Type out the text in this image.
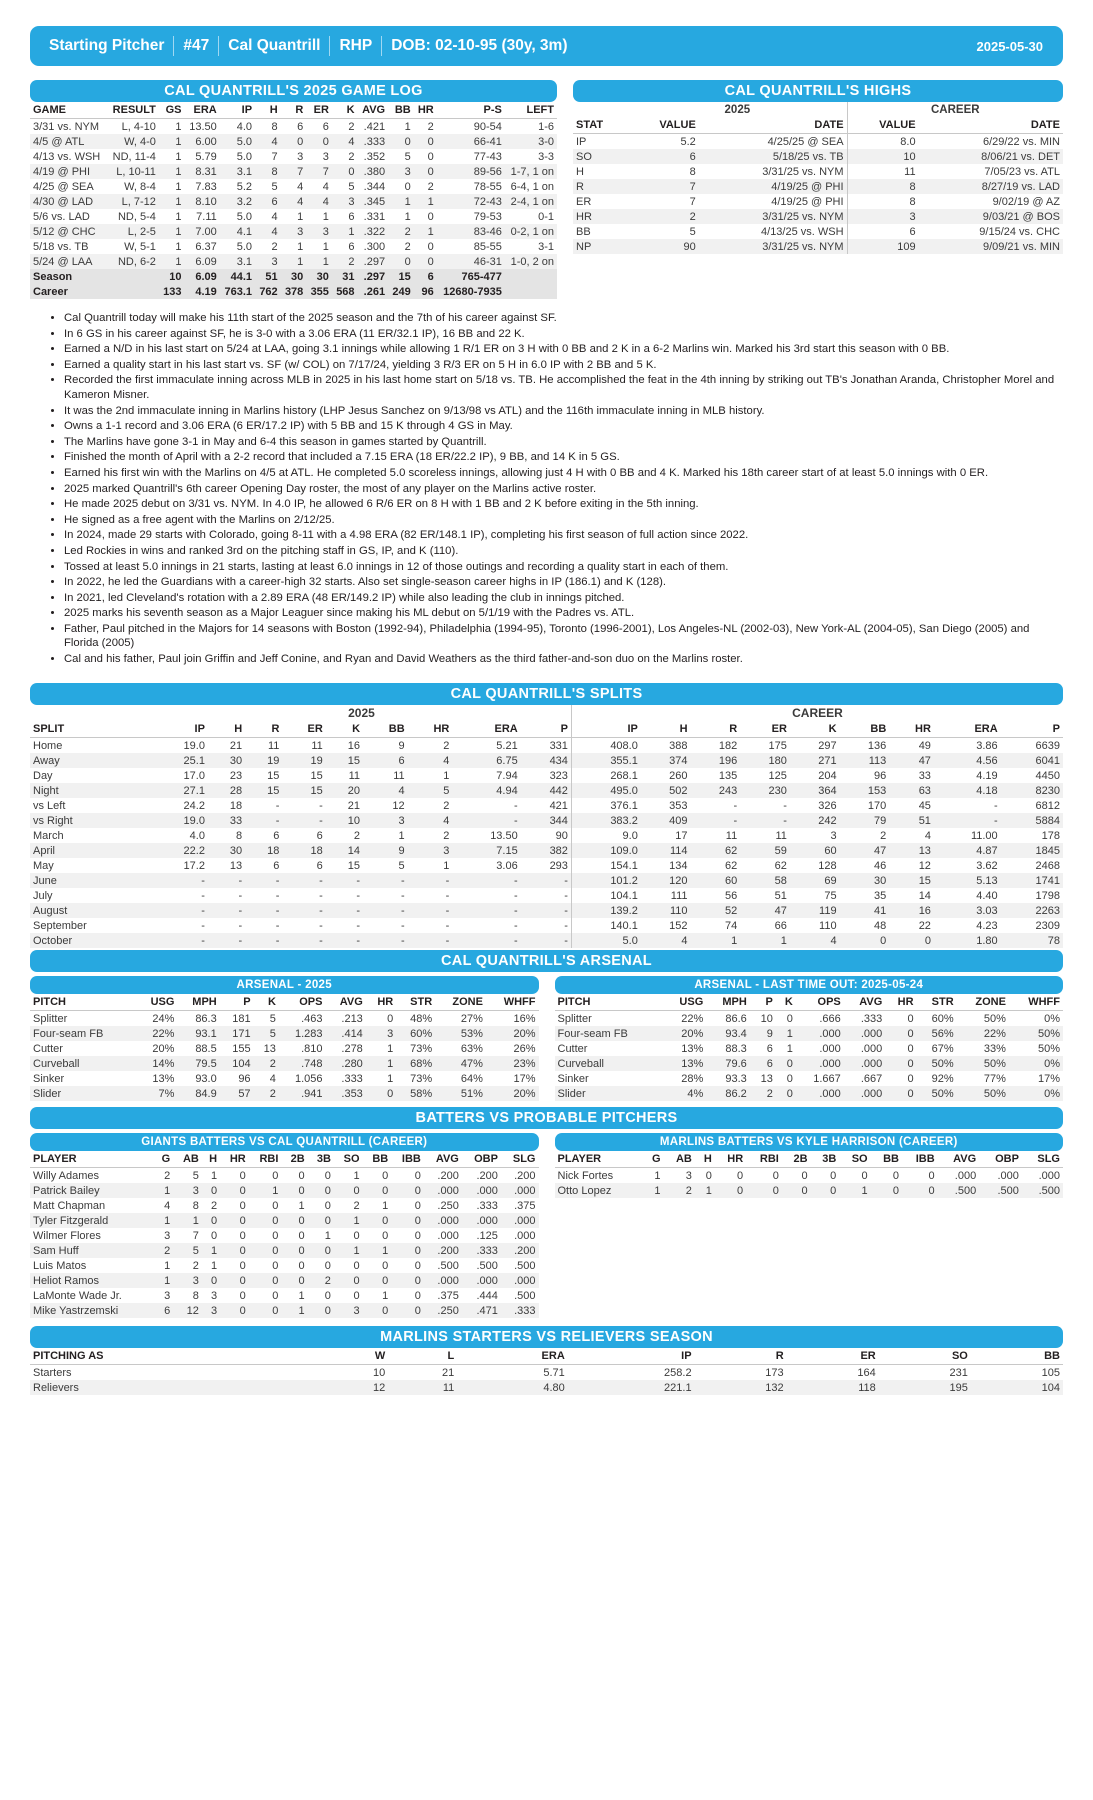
Starting Pitcher	#47	Cal Quantrill	RHP	DOB: 02-10-95 (30y, 3m)	2025-05-30
CAL QUANTRILL'S 2025 GAME LOG
GAME	RESULT	GS	ERA	IP	H	R	ER	K	AVG	BB	HR	P-S	LEFT
3/31 vs. NYM	L, 4-10	1	13.50	4.0	8	6	6	2	.421	1	2	90-54	1-6
4/5 @ ATL	W, 4-0	1	6.00	5.0	4	0	0	4	.333	0	0	66-41	3-0
4/13 vs. WSH	ND, 11-4	1	5.79	5.0	7	3	3	2	.352	5	0	77-43	3-3
4/19 @ PHI	L, 10-11	1	8.31	3.1	8	7	7	0	.380	3	0	89-56	1-7, 1 on
4/25 @ SEA	W, 8-4	1	7.83	5.2	5	4	4	5	.344	0	2	78-55	6-4, 1 on
4/30 @ LAD	L, 7-12	1	8.10	3.2	6	4	4	3	.345	1	1	72-43	2-4, 1 on
5/6 vs. LAD	ND, 5-4	1	7.11	5.0	4	1	1	6	.331	1	0	79-53	0-1
5/12 @ CHC	L, 2-5	1	7.00	4.1	4	3	3	1	.322	2	1	83-46	0-2, 1 on
5/18 vs. TB	W, 5-1	1	6.37	5.0	2	1	1	6	.300	2	0	85-55	3-1
5/24 @ LAA	ND, 6-2	1	6.09	3.1	3	1	1	2	.297	0	0	46-31	1-0, 2 on
Season		10	6.09	44.1	51	30	30	31	.297	15	6	765-477	
Career		133	4.19	763.1	762	378	355	568	.261	249	96	12680-7935	
CAL QUANTRILL'S HIGHS
	2025		CAREER	
STAT	VALUE	DATE	VALUE	DATE
IP	5.2	4/25/25 @ SEA	8.0	6/29/22 vs. MIN
SO	6	5/18/25 vs. TB	10	8/06/21 vs. DET
H	8	3/31/25 vs. NYM	11	7/05/23 vs. ATL
R	7	4/19/25 @ PHI	8	8/27/19 vs. LAD
ER	7	4/19/25 @ PHI	8	9/02/19 @ AZ
HR	2	3/31/25 vs. NYM	3	9/03/21 @ BOS
BB	5	4/13/25 vs. WSH	6	9/15/24 vs. CHC
NP	90	3/31/25 vs. NYM	109	9/09/21 vs. MIN
• Cal Quantrill today will make his 11th start of the 2025 season and the 7th of his career against SF.
• In 6 GS in his career against SF, he is 3-0 with a 3.06 ERA (11 ER/32.1 IP), 16 BB and 22 K.
• Earned a N/D in his last start on 5/24 at LAA, going 3.1 innings while allowing 1 R/1 ER on 3 H with 0 BB and 2 K in a 6-2 Marlins win. Marked his 3rd start this season with 0 BB.
• Earned a quality start in his last start vs. SF (w/ COL) on 7/17/24, yielding 3 R/3 ER on 5 H in 6.0 IP with 2 BB and 5 K.
• Recorded the first immaculate inning across MLB in 2025 in his last home start on 5/18 vs. TB. He accomplished the feat in the 4th inning by striking out TB's Jonathan Aranda, Christopher Morel and Kameron Misner.
• It was the 2nd immaculate inning in Marlins history (LHP Jesus Sanchez on 9/13/98 vs ATL) and the 116th immaculate inning in MLB history.
• Owns a 1-1 record and 3.06 ERA (6 ER/17.2 IP) with 5 BB and 15 K through 4 GS in May.
• The Marlins have gone 3-1 in May and 6-4 this season in games started by Quantrill.
• Finished the month of April with a 2-2 record that included a 7.15 ERA (18 ER/22.2 IP), 9 BB, and 14 K in 5 GS.
• Earned his first win with the Marlins on 4/5 at ATL. He completed 5.0 scoreless innings, allowing just 4 H with 0 BB and 4 K. Marked his 18th career start of at least 5.0 innings with 0 ER.
• 2025 marked Quantrill's 6th career Opening Day roster, the most of any player on the Marlins active roster.
• He made 2025 debut on 3/31 vs. NYM. In 4.0 IP, he allowed 6 R/6 ER on 8 H with 1 BB and 2 K before exiting in the 5th inning.
• He signed as a free agent with the Marlins on 2/12/25.
• In 2024, made 29 starts with Colorado, going 8-11 with a 4.98 ERA (82 ER/148.1 IP), completing his first season of full action since 2022.
• Led Rockies in wins and ranked 3rd on the pitching staff in GS, IP, and K (110).
• Tossed at least 5.0 innings in 21 starts, lasting at least 6.0 innings in 12 of those outings and recording a quality start in each of them.
• In 2022, he led the Guardians with a career-high 32 starts. Also set single-season career highs in IP (186.1) and K (128).
• In 2021, led Cleveland's rotation with a 2.89 ERA (48 ER/149.2 IP) while also leading the club in innings pitched.
• 2025 marks his seventh season as a Major Leaguer since making his ML debut on 5/1/19 with the Padres vs. ATL.
• Father, Paul pitched in the Majors for 14 seasons with Boston (1992-94), Philadelphia (1994-95), Toronto (1996-2001), Los Angeles-NL (2002-03), New York-AL (2004-05), San Diego (2005) and Florida (2005)
• Cal and his father, Paul join Griffin and Jeff Conine, and Ryan and David Weathers as the third father-and-son duo on the Marlins roster.
CAL QUANTRILL'S SPLITS
	2025									CAREER								
SPLIT	IP	H	R	ER	K	BB	HR	ERA	P	IP	H	R	ER	K	BB	HR	ERA	P
Home	19.0	21	11	11	16	9	2	5.21	331	408.0	388	182	175	297	136	49	3.86	6639
Away	25.1	30	19	19	15	6	4	6.75	434	355.1	374	196	180	271	113	47	4.56	6041
Day	17.0	23	15	15	11	11	1	7.94	323	268.1	260	135	125	204	96	33	4.19	4450
Night	27.1	28	15	15	20	4	5	4.94	442	495.0	502	243	230	364	153	63	4.18	8230
vs Left	24.2	18	-	-	21	12	2	-	421	376.1	353	-	-	326	170	45	-	6812
vs Right	19.0	33	-	-	10	3	4	-	344	383.2	409	-	-	242	79	51	-	5884
March	4.0	8	6	6	2	1	2	13.50	90	9.0	17	11	11	3	2	4	11.00	178
April	22.2	30	18	18	14	9	3	7.15	382	109.0	114	62	59	60	47	13	4.87	1845
May	17.2	13	6	6	15	5	1	3.06	293	154.1	134	62	62	128	46	12	3.62	2468
June	-	-	-	-	-	-	-	-	-	101.2	120	60	58	69	30	15	5.13	1741
July	-	-	-	-	-	-	-	-	-	104.1	111	56	51	75	35	14	4.40	1798
August	-	-	-	-	-	-	-	-	-	139.2	110	52	47	119	41	16	3.03	2263
September	-	-	-	-	-	-	-	-	-	140.1	152	74	66	110	48	22	4.23	2309
October	-	-	-	-	-	-	-	-	-	5.0	4	1	1	4	0	0	1.80	78
CAL QUANTRILL'S ARSENAL
ARSENAL - 2025
PITCH	USG	MPH	P	K	OPS	AVG	HR	STR	ZONE	WHFF
Splitter	24%	86.3	181	5	.463	.213	0	48%	27%	16%
Four-seam FB	22%	93.1	171	5	1.283	.414	3	60%	53%	20%
Cutter	20%	88.5	155	13	.810	.278	1	73%	63%	26%
Curveball	14%	79.5	104	2	.748	.280	1	68%	47%	23%
Sinker	13%	93.0	96	4	1.056	.333	1	73%	64%	17%
Slider	7%	84.9	57	2	.941	.353	0	58%	51%	20%
ARSENAL - LAST TIME OUT: 2025-05-24
PITCH	USG	MPH	P	K	OPS	AVG	HR	STR	ZONE	WHFF
Splitter	22%	86.6	10	0	.666	.333	0	60%	50%	0%
Four-seam FB	20%	93.4	9	1	.000	.000	0	56%	22%	50%
Cutter	13%	88.3	6	1	.000	.000	0	67%	33%	50%
Curveball	13%	79.6	6	0	.000	.000	0	50%	50%	0%
Sinker	28%	93.3	13	0	1.667	.667	0	92%	77%	17%
Slider	4%	86.2	2	0	.000	.000	0	50%	50%	0%
BATTERS VS PROBABLE PITCHERS
GIANTS BATTERS VS CAL QUANTRILL (CAREER)
PLAYER	G	AB	H	HR	RBI	2B	3B	SO	BB	IBB	AVG	OBP	SLG
Willy Adames	2	5	1	0	0	0	0	1	0	0	.200	.200	.200
Patrick Bailey	1	3	0	0	1	0	0	0	0	0	.000	.000	.000
Matt Chapman	4	8	2	0	0	1	0	2	1	0	.250	.333	.375
Tyler Fitzgerald	1	1	0	0	0	0	0	1	0	0	.000	.000	.000
Wilmer Flores	3	7	0	0	0	0	1	0	0	0	.000	.125	.000
Sam Huff	2	5	1	0	0	0	0	1	1	0	.200	.333	.200
Luis Matos	1	2	1	0	0	0	0	0	0	0	.500	.500	.500
Heliot Ramos	1	3	0	0	0	0	2	0	0	0	.000	.000	.000
LaMonte Wade Jr.	3	8	3	0	0	1	0	0	1	0	.375	.444	.500
Mike Yastrzemski	6	12	3	0	0	1	0	3	0	0	.250	.471	.333
MARLINS BATTERS VS KYLE HARRISON (CAREER)
PLAYER	G	AB	H	HR	RBI	2B	3B	SO	BB	IBB	AVG	OBP	SLG
Nick Fortes	1	3	0	0	0	0	0	0	0	0	.000	.000	.000
Otto Lopez	1	2	1	0	0	0	0	1	0	0	.500	.500	.500
MARLINS STARTERS VS RELIEVERS SEASON
PITCHING AS	W	L	ERA	IP	R	ER	SO	BB
Starters	10	21	5.71	258.2	173	164	231	105
Relievers	12	11	4.80	221.1	132	118	195	104
